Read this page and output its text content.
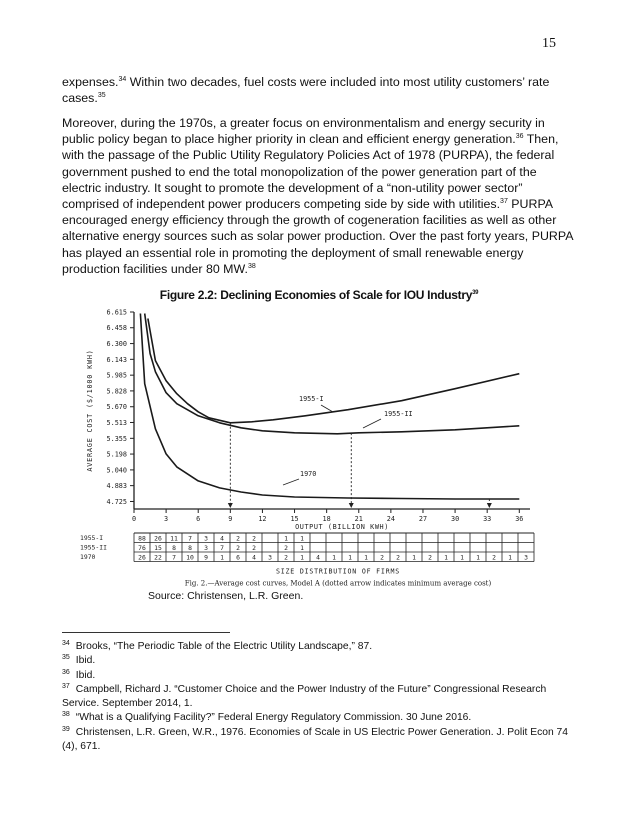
15

expenses.$^{34}$ Within two decades, fuel costs were included into most utility customers’ rate cases.$^{35}$

Moreover, during the 1970s, a greater focus on environmentalism and energy security in public policy began to place higher priority in clean and efficient energy generation.$^{36}$ Then, with the passage of the Public Utility Regulatory Policies Act of 1978 (PURPA), the federal government pushed to end the total monopolization of the power generation part of the electric industry. It sought to promote the development of a “non-utility power sector” comprised of independent power producers competing side by side with utilities.$^{37}$ PURPA encouraged energy efficiency through the growth of cogeneration facilities as well as other alternative energy sources such as solar power production. Over the past forty years, PURPA has played an essential role in promoting the deployment of small renewable energy production facilities under 80 MW.$^{38}$

Figure 2.2: Declining Economies of Scale for IOU Industry$^{39}$
6.615
6.458
6.300
6.143
5.985
5.828
5.670
5.513
5.355
5.198
5.040
4.883
4.725
0	3	6	9	12	15	18	21	24	27	30	33	36
OUTPUT (BILLION KWH)
AVERAGE COST ($/1000 KWH)	1955-I
1955-II
1970
1955-I	88 26 11 7 3 4 2 2	1 1
1955-II	76 15 8 8 3 7 2 2	2 1
1970	26 22 7 10 9 1 6 4 3 2 1 4 1 1 1 2 2 1 2 1 1 1 2 1 3
SIZE DISTRIBUTION OF FIRMS
Fig. 2.—Average cost curves, Model A (dotted arrow indicates minimum average cost)
Source: Christensen, L.R. Green.

$^{34}$ Brooks, “The Periodic Table of the Electric Utility Landscape,” 87.

$^{35}$ Ibid.

$^{36}$ Ibid.

$^{37}$ Campbell, Richard J. “Customer Choice and the Power Industry of the Future” Congressional Research Service. September 2014, 1.

$^{38}$ “What is a Qualifying Facility?” Federal Energy Regulatory Commission. 30 June 2016.

$^{39}$ Christensen, L.R. Green, W.R., 1976. Economies of Scale in US Electric Power Generation. J. Polit Econ 74 (4), 671.
